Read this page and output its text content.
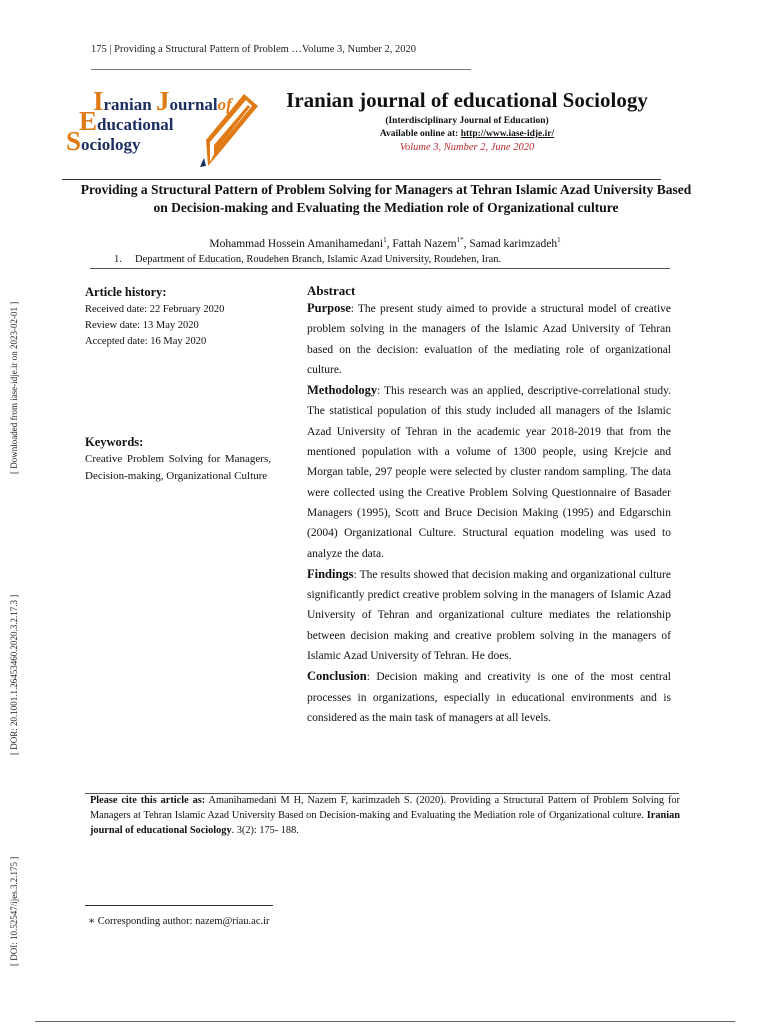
175 | Providing a Structural Pattern of Problem …Volume 3, Number 2, 2020
Iranian Journalof
Educational
Sociology
Iranian journal of educational Sociology
(Interdisciplinary Journal of Education)
Available online at: http://www.iase-idje.ir/
Volume 3, Number 2, June 2020
Providing a Structural Pattern of Problem Solving for Managers at Tehran Islamic Azad University Based on Decision-making and Evaluating the Mediation role of Organizational culture
Mohammad Hossein Amanihamedani$^1$, Fattah Nazem$^{1*}$, Samad karimzadeh$^1$
1. Department of Education, Roudehen Branch, Islamic Azad University, Roudehen, Iran.
Article history:
Received date: 22 February 2020
Review date: 13 May 2020
Accepted date: 16 May 2020
Keywords:
Creative Problem Solving for Managers, Decision-making, Organizational Culture
Abstract
Purpose: The present study aimed to provide a structural model of creative problem solving in the managers of the Islamic Azad University of Tehran based on the decision: evaluation of the mediating role of organizational culture.
Methodology: This research was an applied, descriptive-correlational study. The statistical population of this study included all managers of the Islamic Azad University of Tehran in the academic year 2018-2019 that from the mentioned population with a volume of 1300 people, using Krejcie and Morgan table, 297 people were selected by cluster random sampling. The data were collected using the Creative Problem Solving Questionnaire of Basader Managers (1995), Scott and Bruce Decision Making (1995) and Edgarschin (2004) Organizational Culture. Structural equation modeling was used to analyze the data.
Findings: The results showed that decision making and organizational culture significantly predict creative problem solving in the managers of Islamic Azad University of Tehran and organizational culture mediates the relationship between decision making and creative problem solving in the managers of Islamic Azad University of Tehran. He does.
Conclusion: Decision making and creativity is one of the most central processes in organizations, especially in educational environments and is considered as the main task of managers at all levels.
Please cite this article as: Amanihamedani M H, Nazem F, karimzadeh S. (2020). Providing a Structural Pattern of Problem Solving for Managers at Tehran Islamic Azad University Based on Decision-making and Evaluating the Mediation role of Organizational culture. Iranian journal of educational Sociology. 3(2): 175- 188.
∗ Corresponding author: nazem@riau.ac.ir
[ Downloaded from iase-idje.ir on 2023-02-01 ]
[ DOR: 20.1001.1.26453460.2020.3.2.17.3 ]
[ DOI: 10.52547/ijes.3.2.175 ]
